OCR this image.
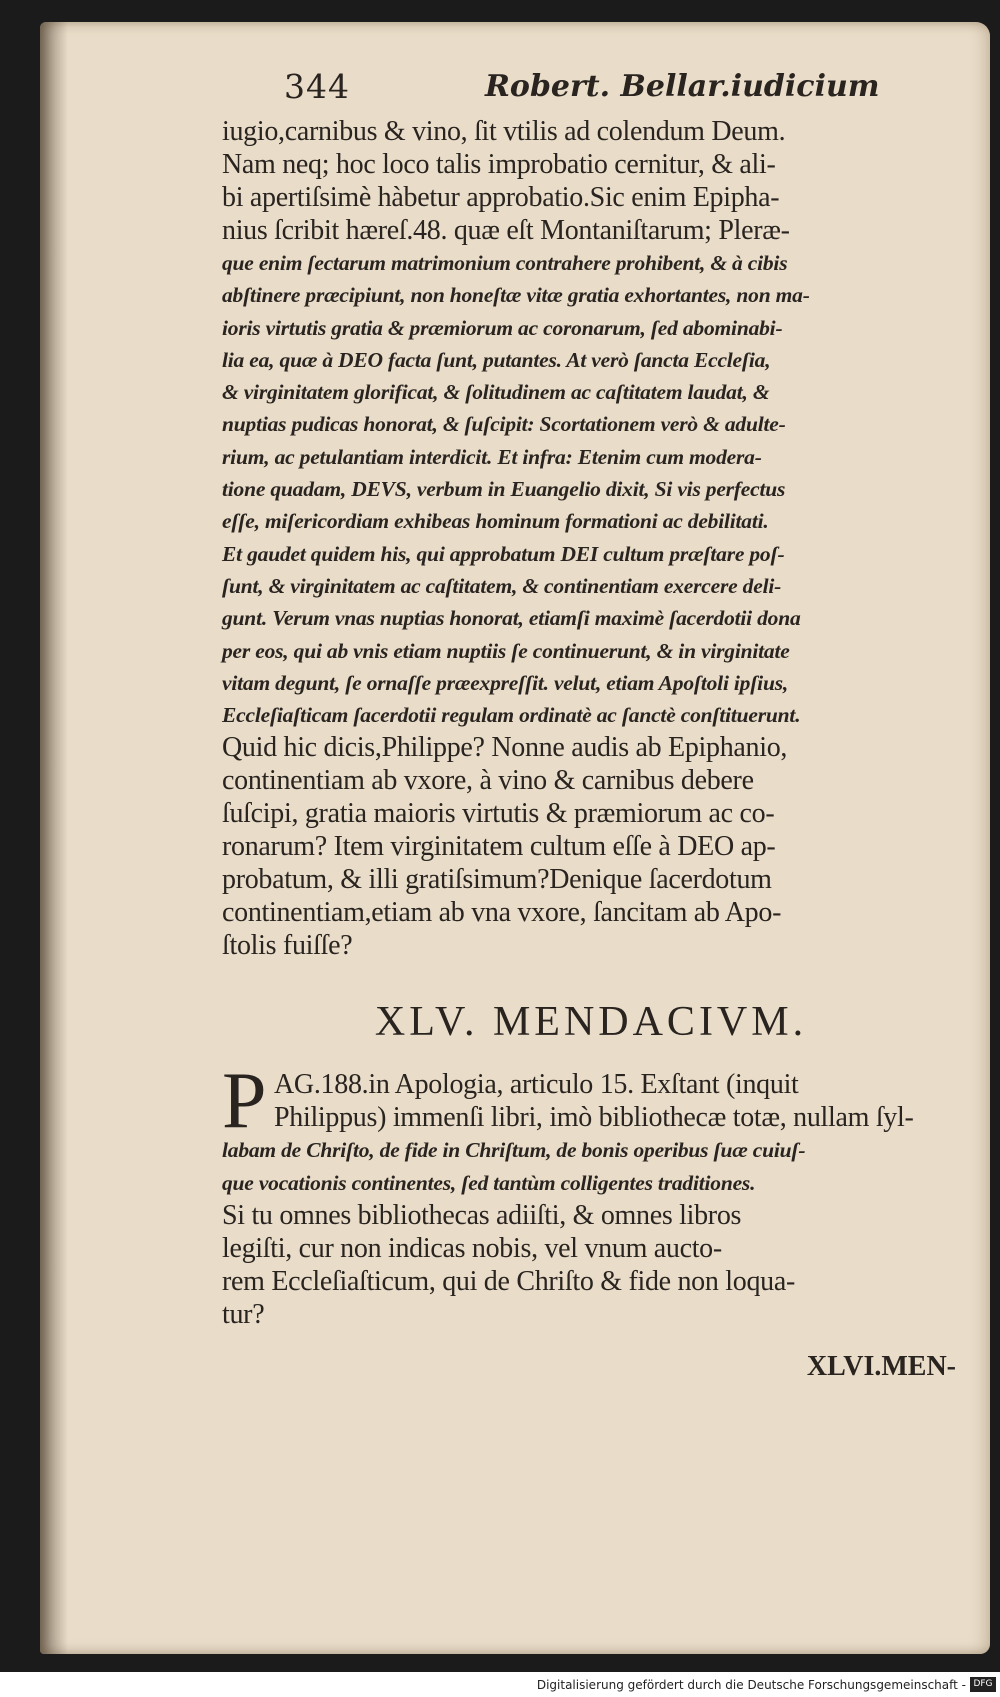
344	Robert. Bellar.iudicium
iugio,carnibus & vino, ſit vtilis ad colendum Deum.
Nam neq; hoc loco talis improbatio cernitur, & ali-
bi apertiſsimè hàbetur approbatio.Sic enim Epipha-
nius ſcribit hæreſ.48. quæ eſt Montaniſtarum; Pleræ-
que enim ſectarum matrimonium contrahere prohibent, & à cibis
abſtinere præcipiunt, non honeſtæ vitæ gratia exhortantes, non ma-
ioris virtutis gratia & præmiorum ac coronarum, ſed abominabi-
lia ea, quæ à DEO facta ſunt, putantes. At verò ſancta Eccleſia,
& virginitatem glorificat, & ſolitudinem ac caſtitatem laudat, &
nuptias pudicas honorat, & ſuſcipit: Scortationem verò & adulte-
rium, ac petulantiam interdicit. Et infra: Etenim cum modera-
tione quadam, DEVS, verbum in Euangelio dixit, Si vis perfectus
eſſe, miſericordiam exhibeas hominum formationi ac debilitati.
Et gaudet quidem his, qui approbatum DEI cultum præſtare poſ-
ſunt, & virginitatem ac caſtitatem, & continentiam exercere deli-
gunt. Verum vnas nuptias honorat, etiamſi maximè ſacerdotii dona
per eos, qui ab vnis etiam nuptiis ſe continuerunt, & in virginitate
vitam degunt, ſe ornaſſe præexpreſſit. velut, etiam Apoſtoli ipſius,
Eccleſiaſticam ſacerdotii regulam ordinatè ac ſanctè conſtituerunt.
Quid hic dicis,Philippe? Nonne audis ab Epiphanio,
continentiam ab vxore, à vino & carnibus debere
ſuſcipi, gratia maioris virtutis & præmiorum ac co-
ronarum? Item virginitatem cultum eſſe à DEO ap-
probatum, & illi gratiſsimum?Denique ſacerdotum
continentiam,etiam ab vna vxore, ſancitam ab Apo-
ſtolis fuiſſe?
XLV. MENDACIVM.
P AG.188.in Apologia, articulo 15. Exſtant (inquit
Philippus) immenſi libri, imò bibliothecæ totæ, nullam ſyl-
labam de Chriſto, de fide in Chriſtum, de bonis operibus ſuæ cuiuſ-
que vocationis continentes, ſed tantùm colligentes traditiones.
Si tu omnes bibliothecas adiiſti, & omnes libros
legiſti, cur non indicas nobis, vel vnum aucto-
rem Eccleſiaſticum, qui de Chriſto & fide non loqua-
tur?
XLVI.MEN-
Digitalisierung gefördert durch die Deutsche Forschungsgemeinschaft - DFG
